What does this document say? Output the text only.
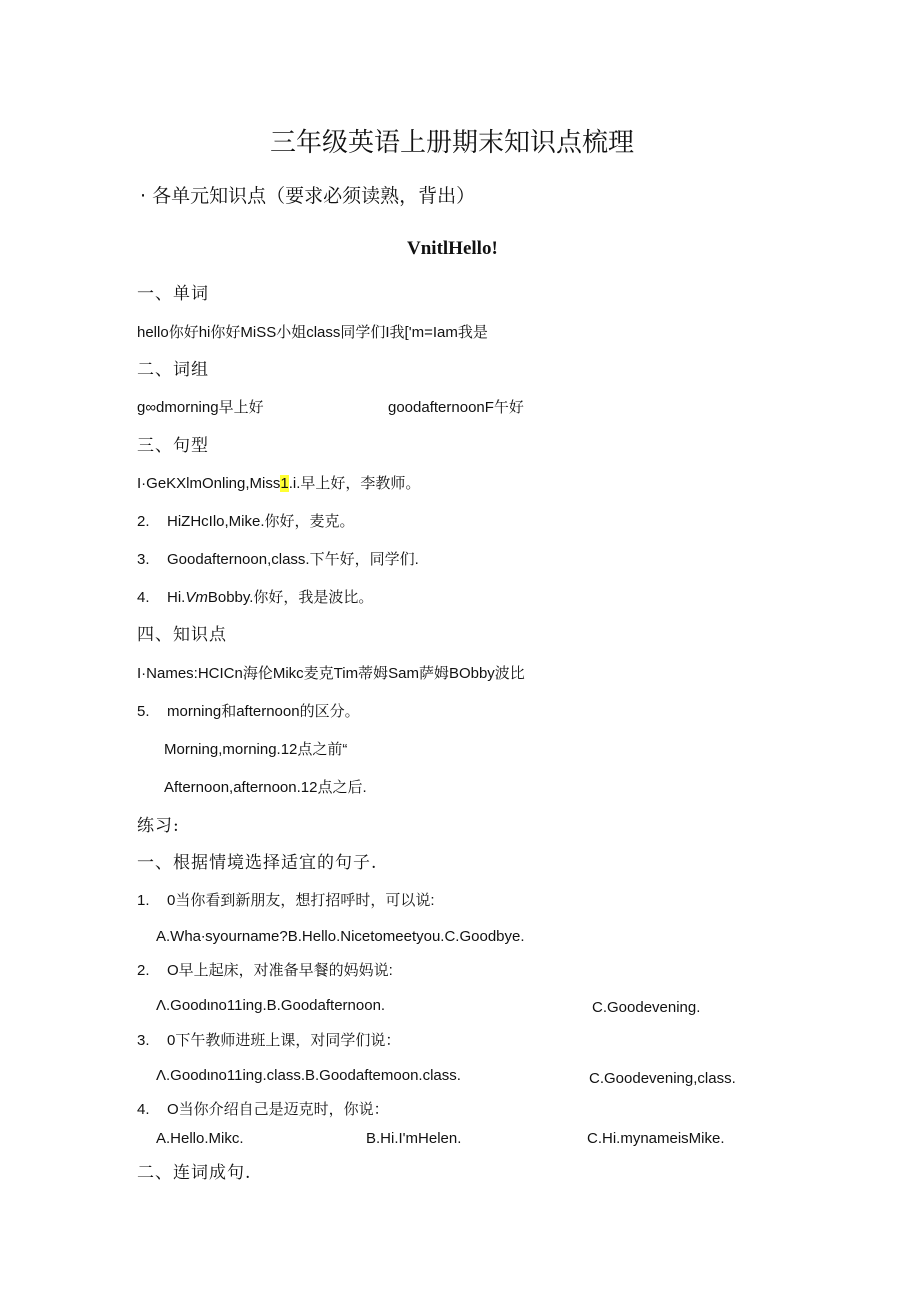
三年级英语上册期末知识点梳理
· 各单元知识点（要求必须读熟，背出）
VnitlHello!
一、单词
hello你好hi你好MiSS小姐class同学们I我['m=Iam我是
二、词组
g∞dmorning早上好	goodafternoonF午好
三、句型
I·GeKXlmOnling,Miss1.i.早上好，李教师。
2. HiZHcIlo,Mike.你好，麦克。
3. Goodafternoon,class.下午好，同学们.
4. Hi.VmBobby.你好，我是波比。
四、知识点
I·Names:HCICn海伦Mikc麦克Tim蒂姆Sam萨姆BObby波比
5. morning和afternoon的区分。
Morning,morning.12点之前“
Afternoon,afternoon.12点之后.
练习:
一、根据情境选择适宜的句子.
1. 0当你看到新朋友，想打招呼时，可以说:
A.Wha∙syourname?B.Hello.Nicetomeetyou.C.Goodbye.
2. O早上起床，对准备早餐的妈妈说:
Λ.Goodιno11ing.B.Goodafternoon.	C.Goodevening.
3. 0下午教师进班上课，对同学们说：
Λ.Goodιno11ing.class.B.Goodaftemoon.class.	C.Goodevening,class.
4. O当你介绍自己是迈克时，你说：
A.Hello.Mikc.	B.Hi.I'mHelen.	C.Hi.mynameisMike.
二、连词成句.
